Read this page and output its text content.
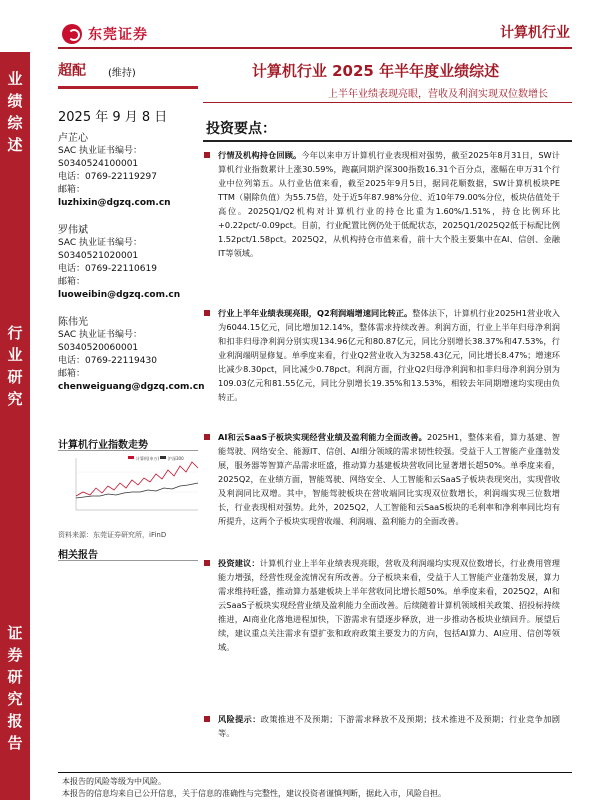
东莞证券	计算机行业
业绩综述
行业研究
证券研究报告
超配 (维持)
2025 年 9 月 8 日
卢芷心
SAC 执业证书编号：
S0340524100001
电话：0769-22119297
邮箱：
luzhixin@dgzq.com.cn
罗伟斌
SAC 执业证书编号：
S0340521020001
电话：0769-22110619
邮箱：
luoweibin@dgzq.com.cn
陈伟光
SAC 执业证书编号：
S0340520060001
电话：0769-22119430
邮箱：
chenweiguang@dgzq.com.cn
计算机行业指数走势
计算机(申万) 沪深300
资料来源：东莞证券研究所，iFinD
相关报告
计算机行业 2025 年半年度业绩综述
上半年业绩表现亮眼，营收及利润实现双位数增长
投资要点：
行情及机构持仓回顾。今年以来申万计算机行业表现相对强势，截至2025年8月31日，SW计算机行业指数累计上涨30.59%，跑赢同期沪深300指数16.31个百分点，涨幅在申万31个行业中位列第五。从行业估值来看，截至2025年9月5日，据同花顺数据，SW计算机板块PE TTM（剔除负值）为55.75倍，处于近5年87.98%分位、近10年79.00%分位，板块估值处于高位。2025Q1/Q2机构对计算机行业的持仓比重为1.60%/1.51%，持仓比例环比+0.22pct/-0.09pct。目前，行业配置比例仍处于低配状态，2025Q1/2025Q2低于标配比例1.52pct/1.58pct。2025Q2，从机构持仓市值来看，前十大个股主要集中在AI、信创、金融IT等领域。
行业上半年业绩表现亮眼，Q2利润端增速同比转正。整体法下，计算机行业2025H1营业收入为6044.15亿元，同比增加12.14%，整体需求持续改善。利润方面，行业上半年归母净利润和扣非归母净利润分别实现134.96亿元和80.87亿元，同比分别增长38.37%和47.53%，行业利润端明显修复。单季度来看，行业Q2营业收入为3258.43亿元，同比增长8.47%；增速环比减少8.30pct，同比减少0.78pct。利润方面，行业Q2归母净利润和扣非归母净利润分别为109.03亿元和81.55亿元，同比分别增长19.35%和13.53%，相较去年同期增速均实现由负转正。
AI和云SaaS子板块实现经营业绩及盈利能力全面改善。2025H1，整体来看，算力基建、智能驾驶、网络安全、能源IT、信创、AI细分领域的需求韧性较强。受益于人工智能产业蓬勃发展，服务器等智算产品需求旺盛，推动算力基建板块营收同比显著增长超50%。单季度来看，2025Q2，在业绩方面，智能驾驶、网络安全、人工智能和云SaaS子板块表现突出，实现营收及利润同比双增。其中，智能驾驶板块在营收端同比实现双位数增长，利润端实现三位数增长，行业表现相对强势。此外，2025Q2，人工智能和云SaaS板块的毛利率和净利率同比均有所提升，这两个子板块实现营收端、利润端、盈利能力的全面改善。
投资建议：计算机行业上半年业绩表现亮眼，营收及利润端均实现双位数增长，行业费用管理能力增强，经营性现金流情况有所改善。分子板块来看，受益于人工智能产业蓬勃发展，算力需求维持旺盛，推动算力基建板块上半年营收同比增长超50%。单季度来看，2025Q2，AI和云SaaS子板块实现经营业绩及盈利能力全面改善。后续随着计算机领域相关政策、招投标持续推进，AI商业化落地进程加快，下游需求有望逐步释放，进一步推动各板块业绩回升。展望后续，建议重点关注需求有望扩张和政府政策主要发力的方向，包括AI算力、AI应用、信创等领域。
风险提示：政策推进不及预期；下游需求释放不及预期；技术推进不及预期；行业竞争加剧等。
本报告的风险等级为中风险。
本报告的信息均来自已公开信息，关于信息的准确性与完整性，建议投资者谨慎判断，据此入市，风险自担。
